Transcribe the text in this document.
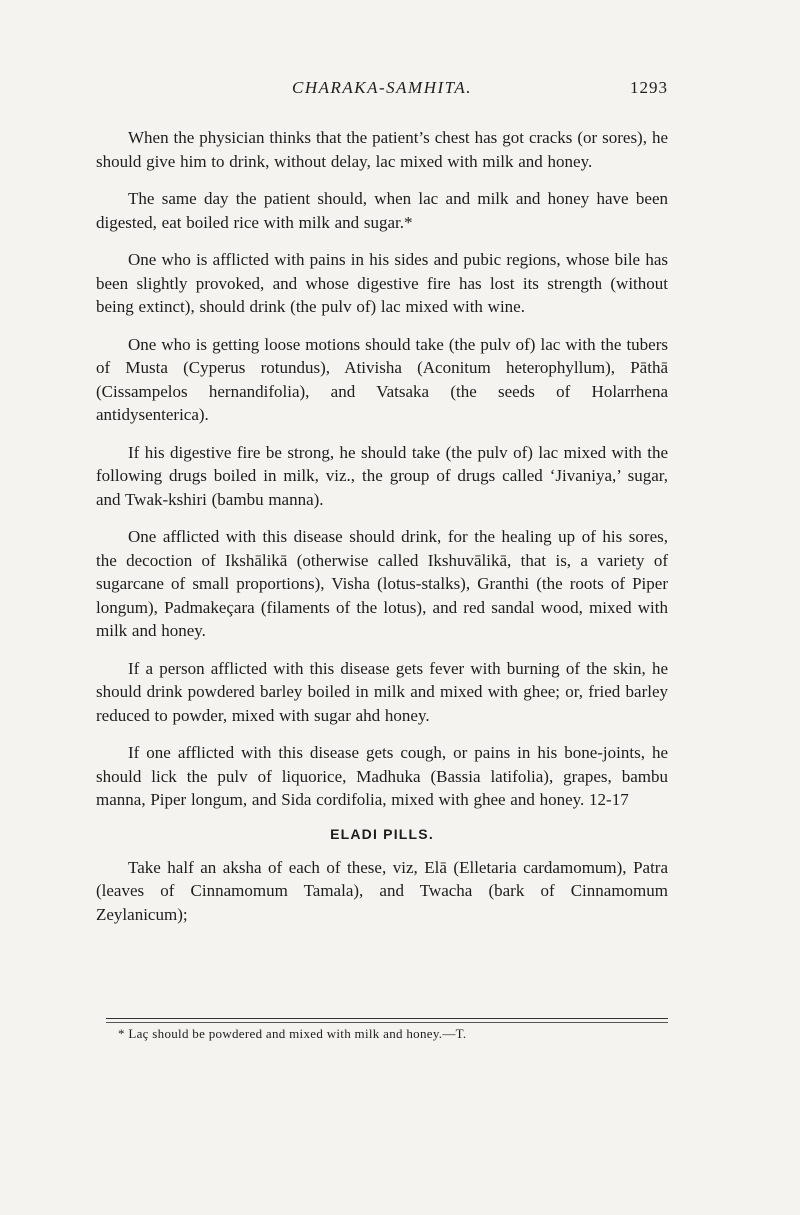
CHARAKA-SAMHITA.	1293

When the physician thinks that the patient’s chest has got cracks (or sores), he should give him to drink, without delay, lac mixed with milk and honey.

The same day the patient should, when lac and milk and honey have been digested, eat boiled rice with milk and sugar.*

One who is afflicted with pains in his sides and pubic regions, whose bile has been slightly provoked, and whose digestive fire has lost its strength (without being extinct), should drink (the pulv of) lac mixed with wine.

One who is getting loose motions should take (the pulv of) lac with the tubers of Musta (Cyperus rotundus), Ativisha (Aconitum heterophyllum), Pāthā (Cissampelos hernandifolia), and Vatsaka (the seeds of Holarrhena antidysenterica).

If his digestive fire be strong, he should take (the pulv of) lac mixed with the following drugs boiled in milk, viz., the group of drugs called ‘Jivaniya,’ sugar, and Twak-kshiri (bambu manna).

One afflicted with this disease should drink, for the healing up of his sores, the decoction of Ikshālikā (otherwise called Ikshuvālikā, that is, a variety of sugarcane of small proportions), Visha (lotus-stalks), Granthi (the roots of Piper longum), Padmakeçara (filaments of the lotus), and red sandal wood, mixed with milk and honey.

If a person afflicted with this disease gets fever with burning of the skin, he should drink powdered barley boiled in milk and mixed with ghee; or, fried barley reduced to powder, mixed with sugar ahd honey.

If one afflicted with this disease gets cough, or pains in his bone-joints, he should lick the pulv of liquorice, Madhuka (Bassia latifolia), grapes, bambu manna, Piper longum, and Sida cordifolia, mixed with ghee and honey. 12-17

ELADI PILLS.

Take half an aksha of each of these, viz, Elā (Elletaria cardamomum), Patra (leaves of Cinnamomum Tamala), and Twacha (bark of Cinnamomum Zeylanicum);

* Laç should be powdered and mixed with milk and honey.—T.
